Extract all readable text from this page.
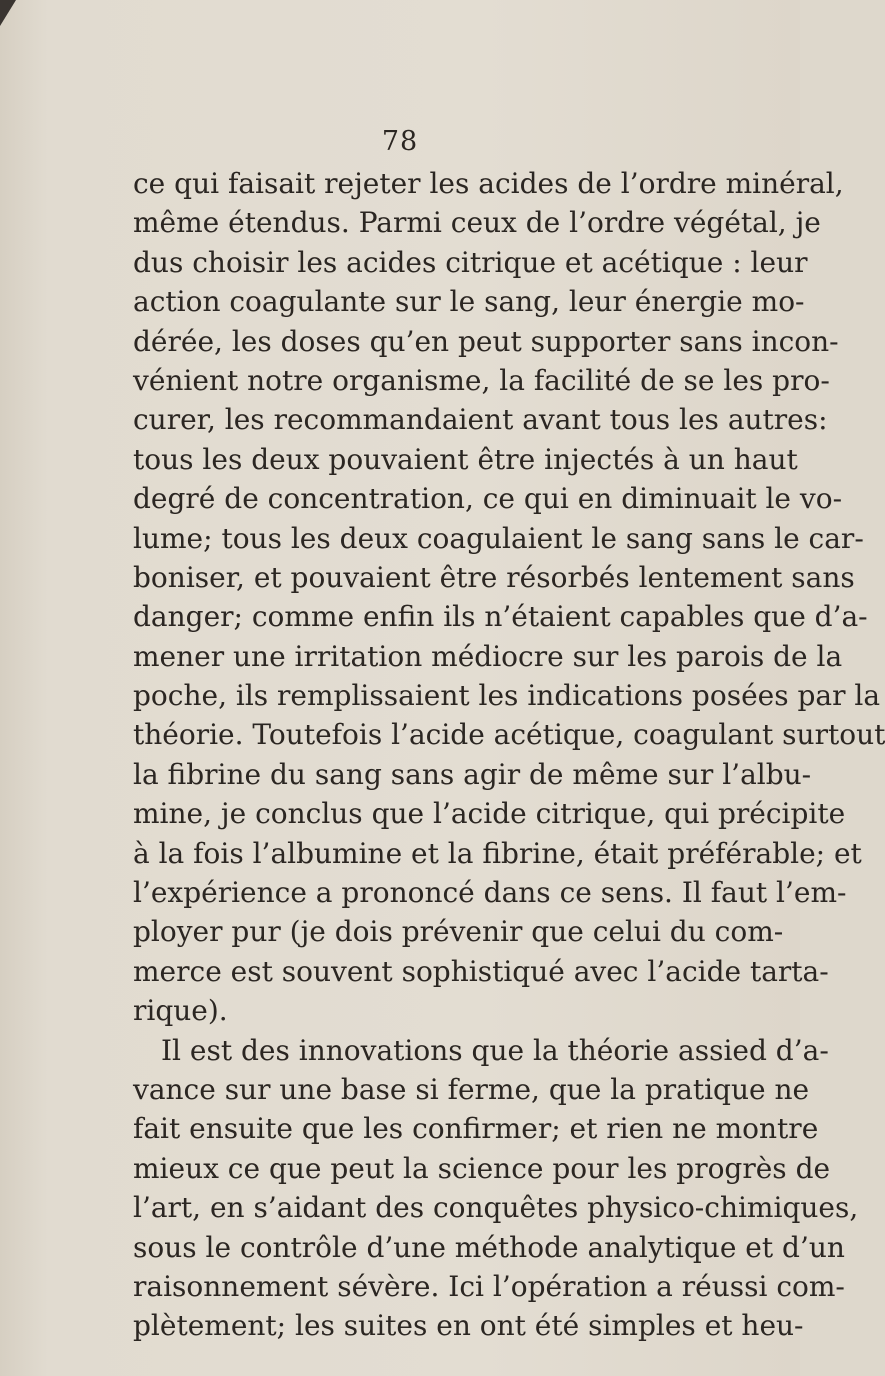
78
ce qui faisait rejeter les acides de l’ordre minéral,
même étendus. Parmi ceux de l’ordre végétal, je
dus choisir les acides citrique et acétique : leur
action coagulante sur le sang, leur énergie mo-
dérée, les doses qu’en peut supporter sans incon-
vénient notre organisme, la facilité de se les pro-
curer, les recommandaient avant tous les autres:
tous les deux pouvaient être injectés à un haut
degré de concentration, ce qui en diminuait le vo-
lume; tous les deux coagulaient le sang sans le car-
boniser, et pouvaient être résorbés lentement sans
danger; comme enfin ils n’étaient capables que d’a-
mener une irritation médiocre sur les parois de la
poche, ils remplissaient les indications posées par la
théorie. Toutefois l’acide acétique, coagulant surtout
la fibrine du sang sans agir de même sur l’albu-
mine, je conclus que l’acide citrique, qui précipite
à la fois l’albumine et la fibrine, était préférable; et
l’expérience a prononcé dans ce sens. Il faut l’em-
ployer pur (je dois prévenir que celui du com-
merce est souvent sophistiqué avec l’acide tarta-
rique).
Il est des innovations que la théorie assied d’a-
vance sur une base si ferme, que la pratique ne
fait ensuite que les confirmer; et rien ne montre
mieux ce que peut la science pour les progrès de
l’art, en s’aidant des conquêtes physico-chimiques,
sous le contrôle d’une méthode analytique et d’un
raisonnement sévère. Ici l’opération a réussi com-
plètement; les suites en ont été simples et heu-
